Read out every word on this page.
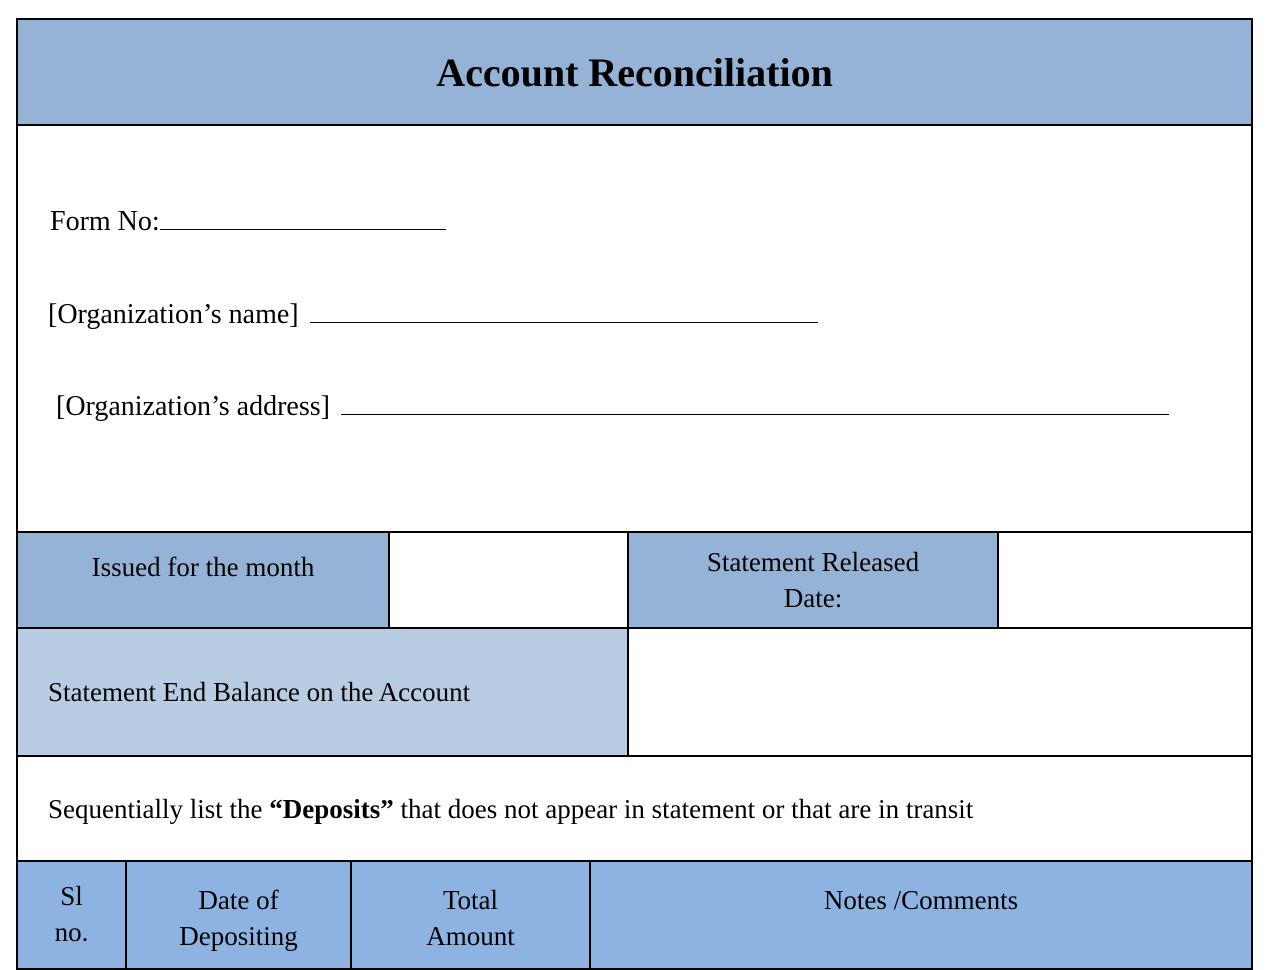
Account Reconciliation
Form No:
[Organization’s name]
[Organization’s address]
Issued for the month	Statement Released Date:
Statement End Balance on the Account
Sequentially list the “Deposits” that does not appear in statement or that are in transit
Sl no.
Date of Depositing
Total Amount
Notes /Comments
